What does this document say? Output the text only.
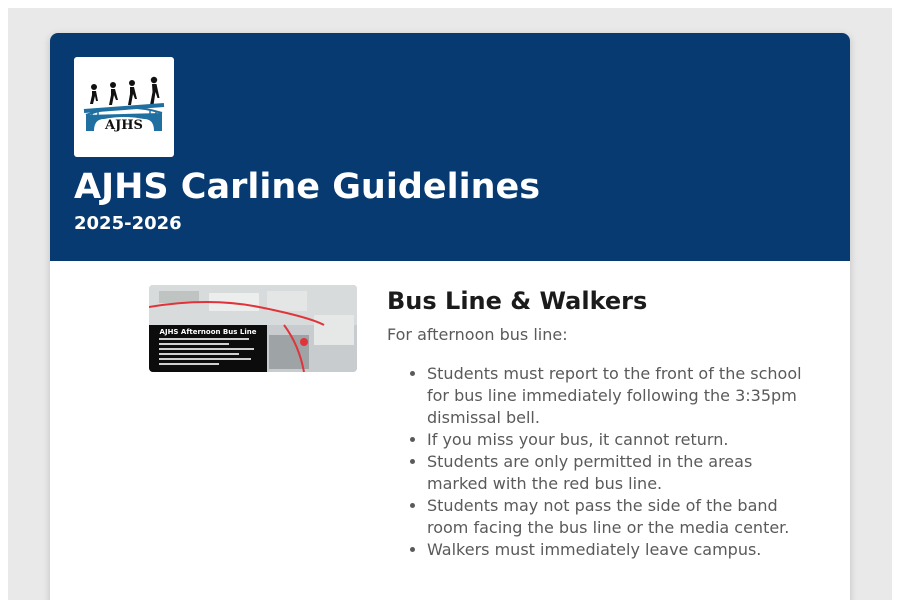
AJHS
AJHS Carline Guidelines
2025-2026
AJHS Afternoon Bus Line
Bus Line & Walkers

For afternoon bus line:

• Students must report to the front of the school for bus line immediately following the 3:35pm dismissal bell.
• If you miss your bus, it cannot return.
• Students are only permitted in the areas marked with the red bus line.
• Students may not pass the side of the band room facing the bus line or the media center.
• Walkers must immediately leave campus.
